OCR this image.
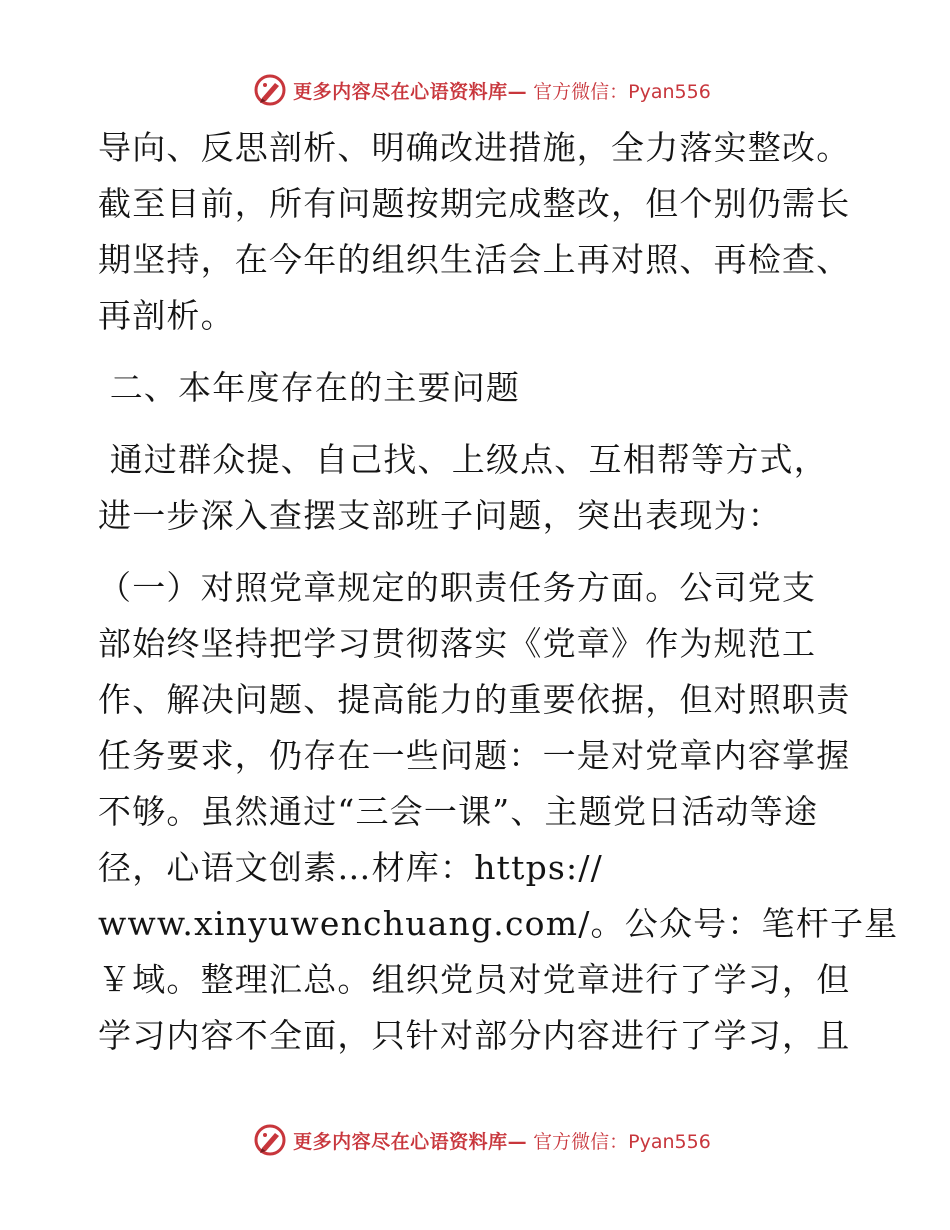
更多内容尽在心语资料库— 官方微信：Pyan556
导向、反思剖析、明确改进措施，全力落实整改。
截至目前，所有问题按期完成整改，但个别仍需长
期坚持，在今年的组织生活会上再对照、再检查、
再剖析。
二、本年度存在的主要问题
通过群众提、自己找、上级点、互相帮等方式，
进一步深入查摆支部班子问题，突出表现为：
（一）对照党章规定的职责任务方面。公司党支
部始终坚持把学习贯彻落实《党章》作为规范工
作、解决问题、提高能力的重要依据，但对照职责
任务要求，仍存在一些问题：一是对党章内容掌握
不够。虽然通过“三会一课”、主题党日活动等途
径，心语文创素…材库：https://
www.xinyuwenchuang.com/。公众号：笔杆子星
￥域。整理汇总。组织党员对党章进行了学习，但
学习内容不全面，只针对部分内容进行了学习，且
更多内容尽在心语资料库— 官方微信：Pyan556
